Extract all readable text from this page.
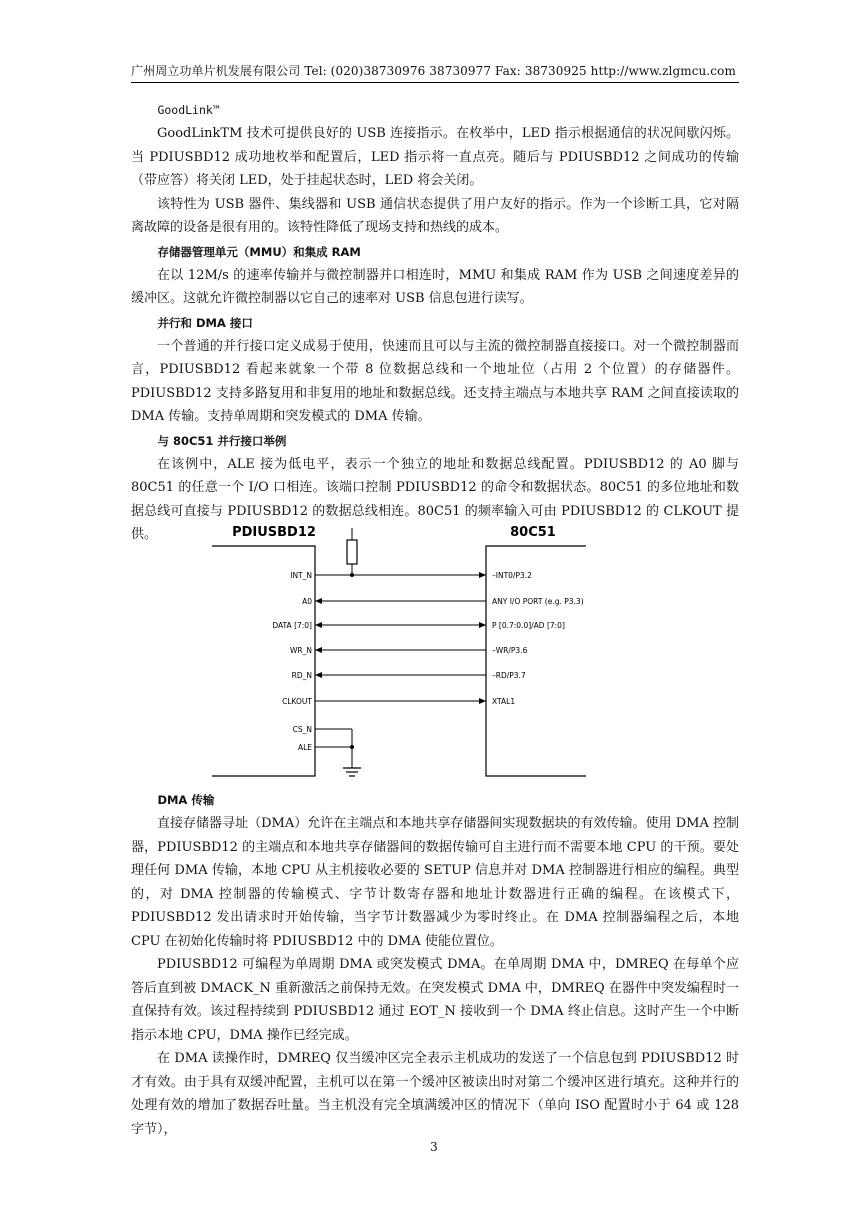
广州周立功单片机发展有限公司 Tel: (020)38730976 38730977 Fax: 38730925 http://www.zlgmcu.com

GoodLink™

GoodLinkTM 技术可提供良好的 USB 连接指示。在枚举中，LED 指示根据通信的状况间歇闪烁。当 PDIUSBD12 成功地枚举和配置后，LED 指示将一直点亮。随后与 PDIUSBD12 之间成功的传输（带应答）将关闭 LED，处于挂起状态时，LED 将会关闭。

该特性为 USB 器件、集线器和 USB 通信状态提供了用户友好的指示。作为一个诊断工具，它对隔离故障的设备是很有用的。该特性降低了现场支持和热线的成本。

存储器管理单元（MMU）和集成 RAM

在以 12M/s 的速率传输并与微控制器并口相连时，MMU 和集成 RAM 作为 USB 之间速度差异的缓冲区。这就允许微控制器以它自己的速率对 USB 信息包进行读写。

并行和 DMA 接口

一个普通的并行接口定义成易于使用，快速而且可以与主流的微控制器直接接口。对一个微控制器而言，PDIUSBD12 看起来就象一个带 8 位数据总线和一个地址位（占用 2 个位置）的存储器件。PDIUSBD12 支持多路复用和非复用的地址和数据总线。还支持主端点与本地共享 RAM 之间直接读取的 DMA 传输。支持单周期和突发模式的 DMA 传输。

与 80C51 并行接口举例

在该例中，ALE 接为低电平，表示一个独立的地址和数据总线配置。PDIUSBD12 的 A0 脚与 80C51 的任意一个 I/O 口相连。该端口控制 PDIUSBD12 的命令和数据状态。80C51 的多位地址和数据总线可直接与 PDIUSBD12 的数据总线相连。80C51 的频率输入可由 PDIUSBD12 的 CLKOUT 提供。	PDIUSBD12	80C51
INT_N
A0
DATA [7:0]
WR_N
RD_N
CLKOUT
CS_N
ALE
–INT0/P3.2
ANY I/O PORT (e.g. P3.3)
P [0.7:0.0]/AD [7:0]
–WR/P3.6
–RD/P3.7
XTAL1

DMA 传输

直接存储器寻址（DMA）允许在主端点和本地共享存储器间实现数据块的有效传输。使用 DMA 控制器，PDIUSBD12 的主端点和本地共享存储器间的数据传输可自主进行而不需要本地 CPU 的干预。要处理任何 DMA 传输，本地 CPU 从主机接收必要的 SETUP 信息并对 DMA 控制器进行相应的编程。典型的，对 DMA 控制器的传输模式、字节计数寄存器和地址计数器进行正确的编程。在该模式下，PDIUSBD12 发出请求时开始传输，当字节计数器减少为零时终止。在 DMA 控制器编程之后，本地 CPU 在初始化传输时将 PDIUSBD12 中的 DMA 使能位置位。

PDIUSBD12 可编程为单周期 DMA 或突发模式 DMA。在单周期 DMA 中，DMREQ 在每单个应答后直到被 DMACK_N 重新激活之前保持无效。在突发模式 DMA 中，DMREQ 在器件中突发编程时一直保持有效。该过程持续到 PDIUSBD12 通过 EOT_N 接收到一个 DMA 终止信息。这时产生一个中断指示本地 CPU，DMA 操作已经完成。

在 DMA 读操作时，DMREQ 仅当缓冲区完全表示主机成功的发送了一个信息包到 PDIUSBD12 时才有效。由于具有双缓冲配置，主机可以在第一个缓冲区被读出时对第二个缓冲区进行填充。这种并行的处理有效的增加了数据吞吐量。当主机没有完全填满缓冲区的情况下（单向 ISO 配置时小于 64 或 128 字节），

3
